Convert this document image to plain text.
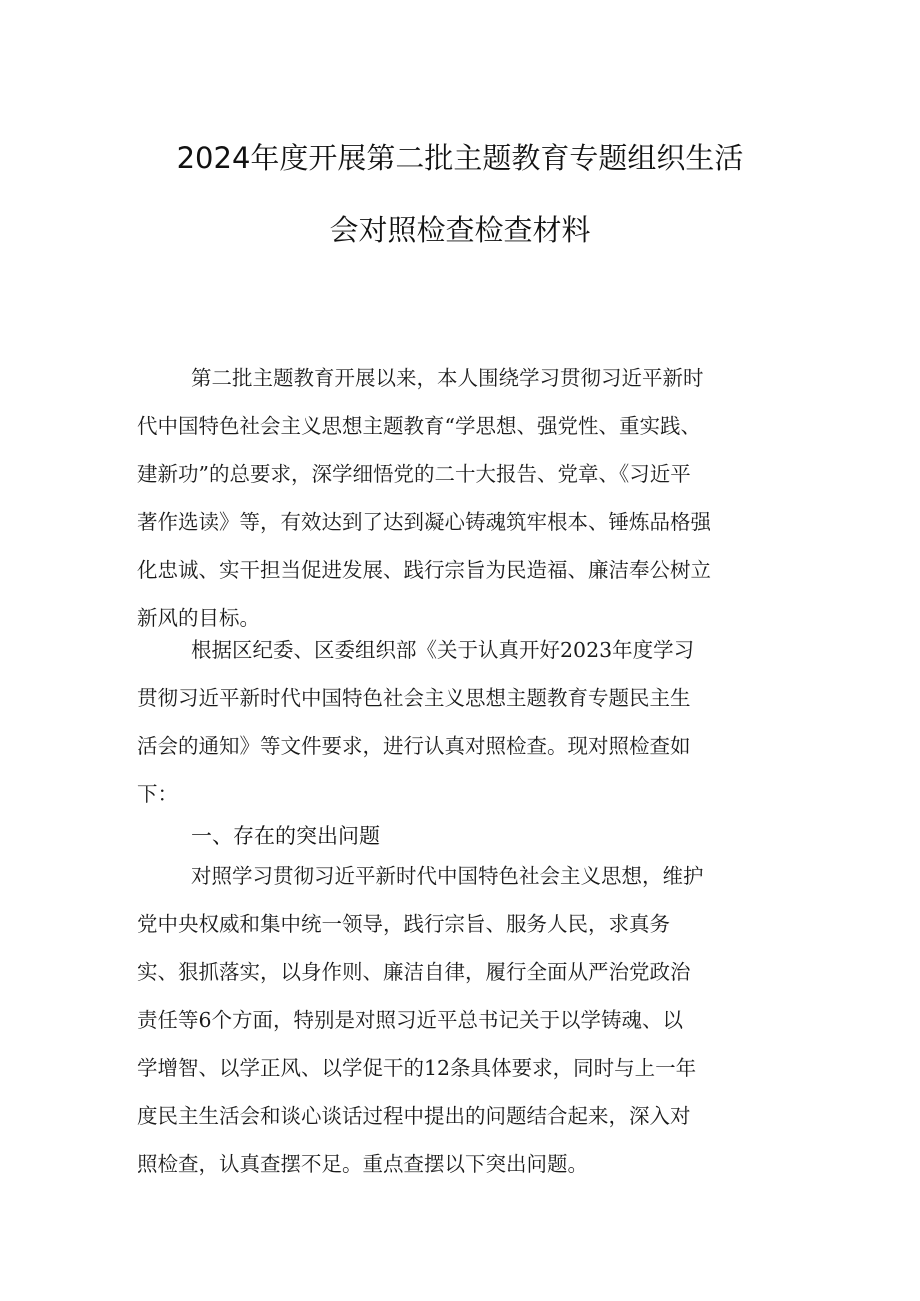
2024年度开展第二批主题教育专题组织生活
会对照检查检查材料
第二批主题教育开展以来，本人围绕学习贯彻习近平新时
代中国特色社会主义思想主题教育“学思想、强党性、重实践、
建新功”的总要求，深学细悟党的二十大报告、党章、《习近平
著作选读》等，有效达到了达到凝心铸魂筑牢根本、锤炼品格强
化忠诚、实干担当促进发展、践行宗旨为民造福、廉洁奉公树立
新风的目标。
根据区纪委、区委组织部《关于认真开好2023年度学习
贯彻习近平新时代中国特色社会主义思想主题教育专题民主生
活会的通知》等文件要求，进行认真对照检查。现对照检查如
下：
一、存在的突出问题
对照学习贯彻习近平新时代中国特色社会主义思想，维护
党中央权威和集中统一领导，践行宗旨、服务人民，求真务
实、狠抓落实，以身作则、廉洁自律，履行全面从严治党政治
责任等6个方面，特别是对照习近平总书记关于以学铸魂、以
学增智、以学正风、以学促干的12条具体要求，同时与上一年
度民主生活会和谈心谈话过程中提出的问题结合起来，深入对
照检查，认真查摆不足。重点查摆以下突出问题。
